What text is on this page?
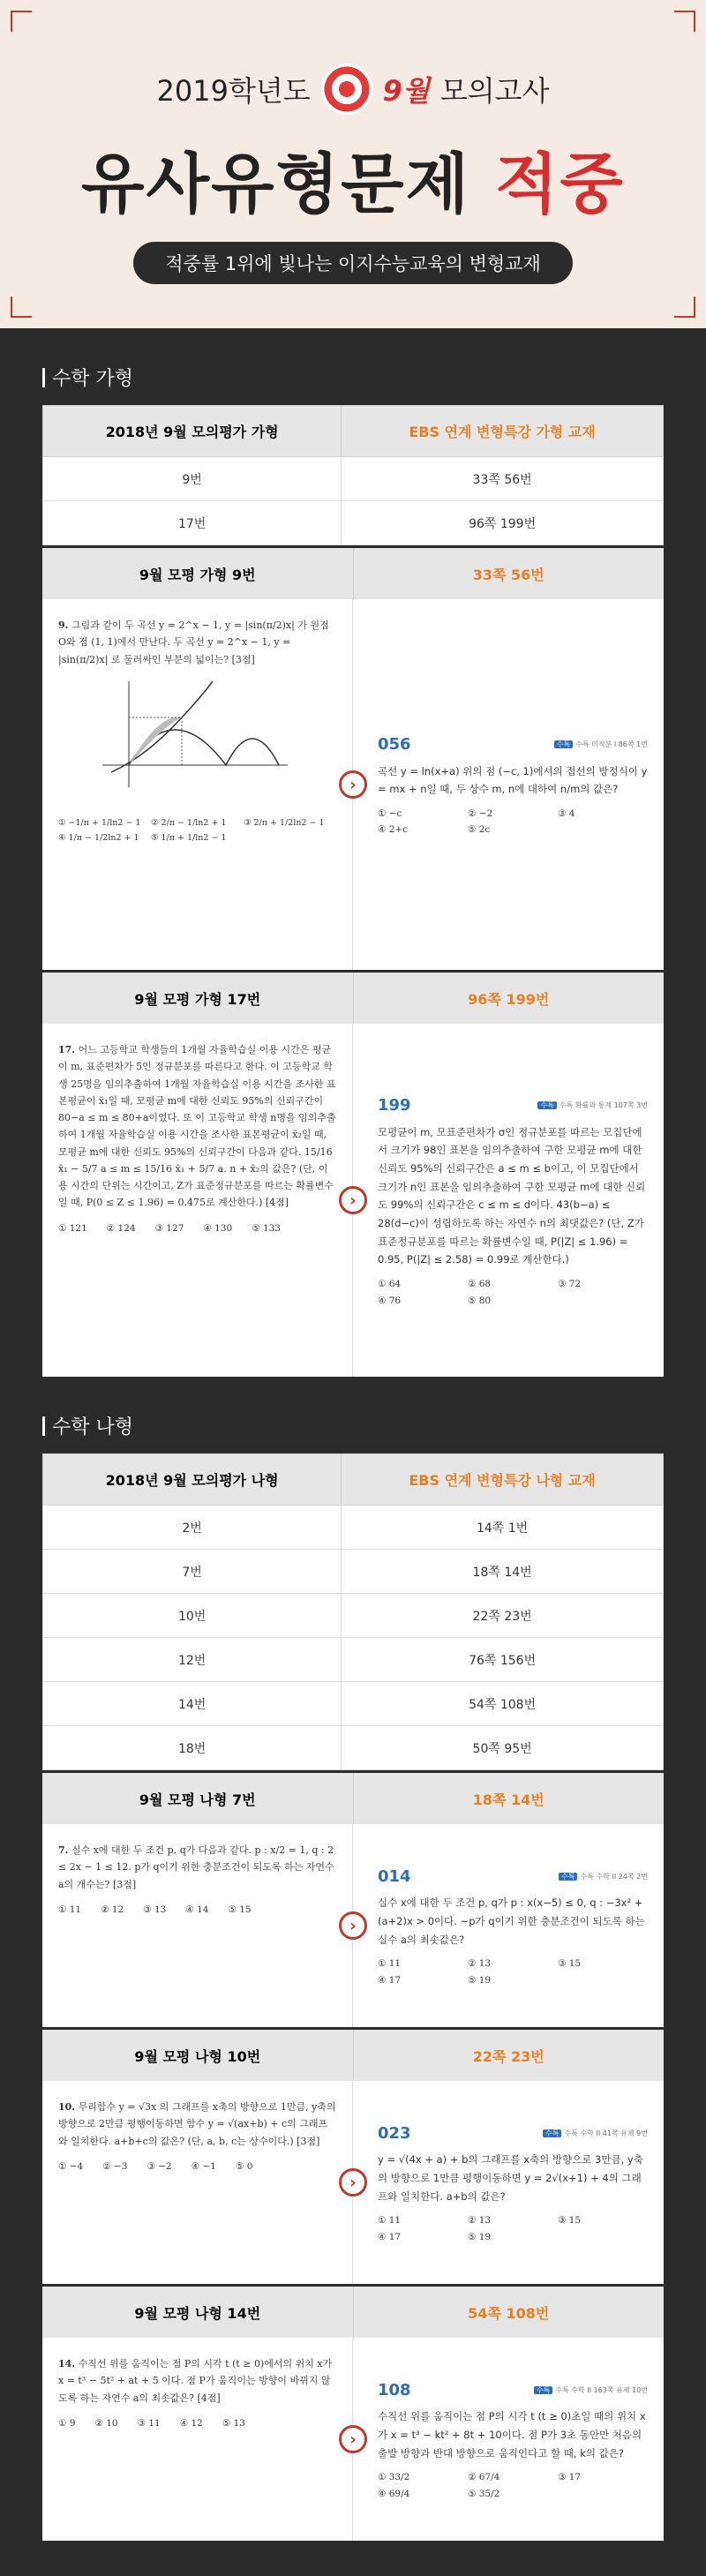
2019학년도	9월 모의고사
유사유형문제 적중
적중률 1위에 빛나는 이지수능교육의 변형교재
수학 가형
2018년 9월 모의평가 가형	EBS 연계 변형특강 가형 교재
9번	33쪽 56번
17번	96쪽 199번
9월 모평 가형 9번	33쪽 56번

9. 그림과 같이 두 곡선 y = 2^x − 1, y = |sin(π/2)x| 가 원점 O와 점 (1, 1)에서 만난다. 두 곡선 y = 2^x − 1, y = |sin(π/2)x| 로 둘러싸인 부분의 넓이는? [3점]

① −1/π + 1/ln2 − 1	② 2/π − 1/ln2 + 1	③ 2/π + 1/2ln2 − 1
④ 1/π − 1/2ln2 + 1	⑤ 1/π + 1/ln2 − 1
›
056	수특 수특 미적분 I 86쪽 1번

곡선 y = ln(x+a) 위의 점 (−c, 1)에서의 접선의 방정식이 y = mx + n일 때, 두 상수 m, n에 대하여 n/m의 값은?

① −c	② −2	③ 4
④ 2+c	⑤ 2c
9월 모평 가형 17번	96쪽 199번

17. 어느 고등학교 학생들의 1개월 자율학습실 이용 시간은 평균이 m, 표준편차가 5인 정규분포를 따른다고 한다. 이 고등학교 학생 25명을 임의추출하여 1개월 자율학습실 이용 시간을 조사한 표본평균이 x̄₁일 때, 모평균 m에 대한 신뢰도 95%의 신뢰구간이 80−a ≤ m ≤ 80+a이었다. 또 이 고등학교 학생 n명을 임의추출하여 1개월 자율학습실 이용 시간을 조사한 표본평균이 x̄₂일 때, 모평균 m에 대한 신뢰도 95%의 신뢰구간이 다음과 같다. 15/16 x̄₁ − 5/7 a ≤ m ≤ 15/16 x̄₁ + 5/7 a. n + x̄₂의 값은? (단, 이용 시간의 단위는 시간이고, Z가 표준정규분포를 따르는 확률변수일 때, P(0 ≤ Z ≤ 1.96) = 0.475로 계산한다.) [4점]

① 121 ② 124 ③ 127 ④ 130 ⑤ 133
›
199	수특 수특 확률과 통계 107쪽 3번

모평균이 m, 모표준편차가 σ인 정규분포를 따르는 모집단에서 크기가 98인 표본을 임의추출하여 구한 모평균 m에 대한 신뢰도 95%의 신뢰구간은 a ≤ m ≤ b이고, 이 모집단에서 크기가 n인 표본을 임의추출하여 구한 모평균 m에 대한 신뢰도 99%의 신뢰구간은 c ≤ m ≤ d이다. 43(b−a) ≤ 28(d−c)이 성립하도록 하는 자연수 n의 최댓값은? (단, Z가 표준정규분포를 따르는 확률변수일 때, P(|Z| ≤ 1.96) = 0.95, P(|Z| ≤ 2.58) = 0.99로 계산한다.)

① 64	② 68	③ 72
④ 76	⑤ 80
수학 나형
2018년 9월 모의평가 나형	EBS 연계 변형특강 나형 교재
2번	14쪽 1번
7번	18쪽 14번
10번	22쪽 23번
12번	76쪽 156번
14번	54쪽 108번
18번	50쪽 95번
9월 모평 나형 7번	18쪽 14번

7. 실수 x에 대한 두 조건 p, q가 다음과 같다. p : x/2 = 1, q : 2 ≤ 2x − 1 ≤ 12. p가 q이기 위한 충분조건이 되도록 하는 자연수 a의 개수는? [3점]

① 11 ② 12 ③ 13 ④ 14 ⑤ 15
›
014	수특 수특 수학 II 24쪽 2번

실수 x에 대한 두 조건 p, q가 p : x(x−5) ≤ 0, q : −3x² + (a+2)x > 0이다. ~p가 q이기 위한 충분조건이 되도록 하는 실수 a의 최솟값은?

① 11	② 13	③ 15
④ 17	⑤ 19
9월 모평 나형 10번	22쪽 23번

10. 무리함수 y = √3x 의 그래프를 x축의 방향으로 1만큼, y축의 방향으로 2만큼 평행이동하면 함수 y = √(ax+b) + c의 그래프와 일치한다. a+b+c의 값은? (단, a, b, c는 상수이다.) [3점]

① −4 ② −3 ③ −2 ④ −1 ⑤ 0
›
023	수특 수특 수학 II 41쪽 유제 9번

y = √(4x + a) + b의 그래프를 x축의 방향으로 3만큼, y축의 방향으로 1만큼 평행이동하면 y = 2√(x+1) + 4의 그래프와 일치한다. a+b의 값은?

① 11	② 13	③ 15
④ 17	⑤ 19
9월 모평 나형 14번	54쪽 108번

14. 수직선 위를 움직이는 점 P의 시각 t (t ≥ 0)에서의 위치 x가 x = t³ − 5t² + at + 5 이다. 점 P가 움직이는 방향이 바뀌지 않도록 하는 자연수 a의 최솟값은? [4점]

① 9 ② 10 ③ 11 ④ 12 ⑤ 13
›
108	수특 수특 수학 II 163쪽 유제 10번

수직선 위를 움직이는 점 P의 시각 t (t ≥ 0)초일 때의 위치 x가 x = t³ − kt² + 8t + 10이다. 점 P가 3초 동안만 처음의 출발 방향과 반대 방향으로 움직인다고 할 때, k의 값은?

① 33/2	② 67/4	③ 17
④ 69/4	⑤ 35/2
